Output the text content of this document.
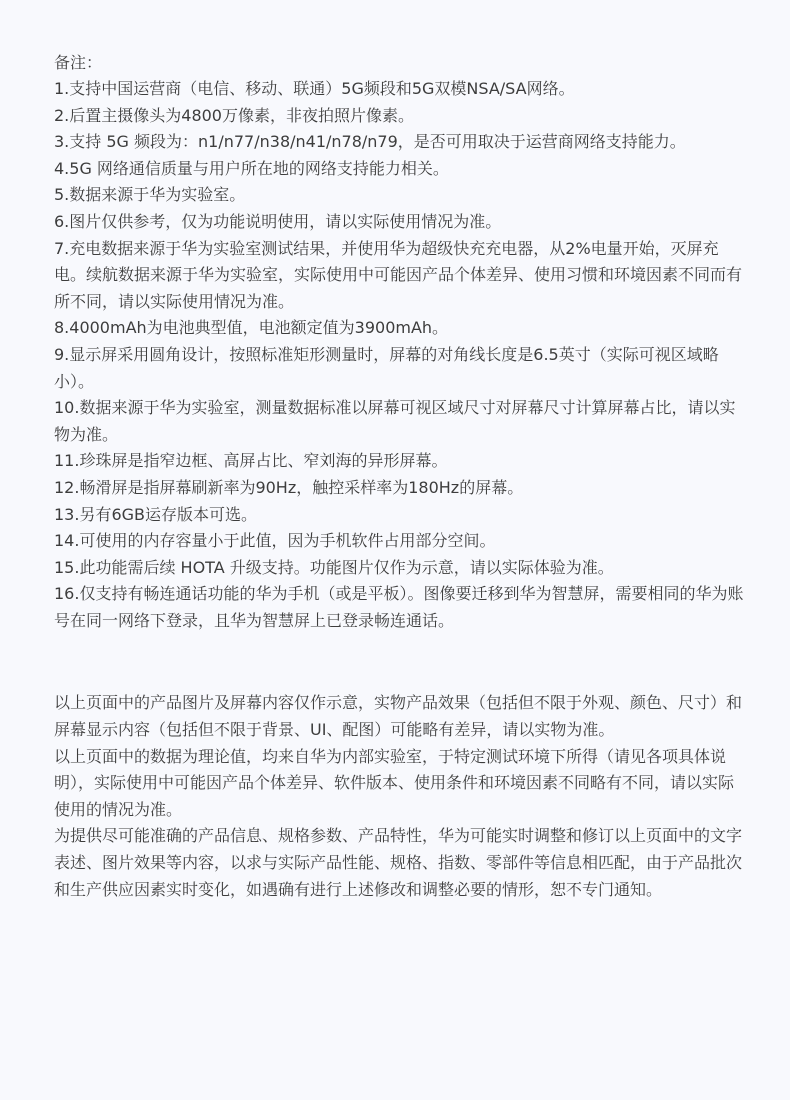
备注：
1.支持中国运营商（电信、移动、联通）5G频段和5G双模NSA/SA网络。
2.后置主摄像头为4800万像素，非夜拍照片像素。
3.支持 5G 频段为：n1/n77/n38/n41/n78/n79，是否可用取决于运营商网络支持能力。
4.5G 网络通信质量与用户所在地的网络支持能力相关。
5.数据来源于华为实验室。
6.图片仅供参考，仅为功能说明使用，请以实际使用情况为准。
7.充电数据来源于华为实验室测试结果，并使用华为超级快充充电器，从2%电量开始，灭屏充电。续航数据来源于华为实验室，实际使用中可能因产品个体差异、使用习惯和环境因素不同而有所不同，请以实际使用情况为准。
8.4000mAh为电池典型值，电池额定值为3900mAh。
9.显示屏采用圆角设计，按照标准矩形测量时，屏幕的对角线长度是6.5英寸（实际可视区域略小）。
10.数据来源于华为实验室，测量数据标准以屏幕可视区域尺寸对屏幕尺寸计算屏幕占比，请以实物为准。
11.珍珠屏是指窄边框、高屏占比、窄刘海的异形屏幕。
12.畅滑屏是指屏幕刷新率为90Hz，触控采样率为180Hz的屏幕。
13.另有6GB运存版本可选。
14.可使用的内存容量小于此值，因为手机软件占用部分空间。
15.此功能需后续 HOTA 升级支持。功能图片仅作为示意，请以实际体验为准。
16.仅支持有畅连通话功能的华为手机（或是平板）。图像要迁移到华为智慧屏，需要相同的华为账号在同一网络下登录，且华为智慧屏上已登录畅连通话。

以上页面中的产品图片及屏幕内容仅作示意，实物产品效果（包括但不限于外观、颜色、尺寸）和屏幕显示内容（包括但不限于背景、UI、配图）可能略有差异，请以实物为准。

以上页面中的数据为理论值，均来自华为内部实验室，于特定测试环境下所得（请见各项具体说明），实际使用中可能因产品个体差异、软件版本、使用条件和环境因素不同略有不同，请以实际使用的情况为准。

为提供尽可能准确的产品信息、规格参数、产品特性，华为可能实时调整和修订以上页面中的文字表述、图片效果等内容，以求与实际产品性能、规格、指数、零部件等信息相匹配，由于产品批次和生产供应因素实时变化，如遇确有进行上述修改和调整必要的情形，恕不专门通知。
